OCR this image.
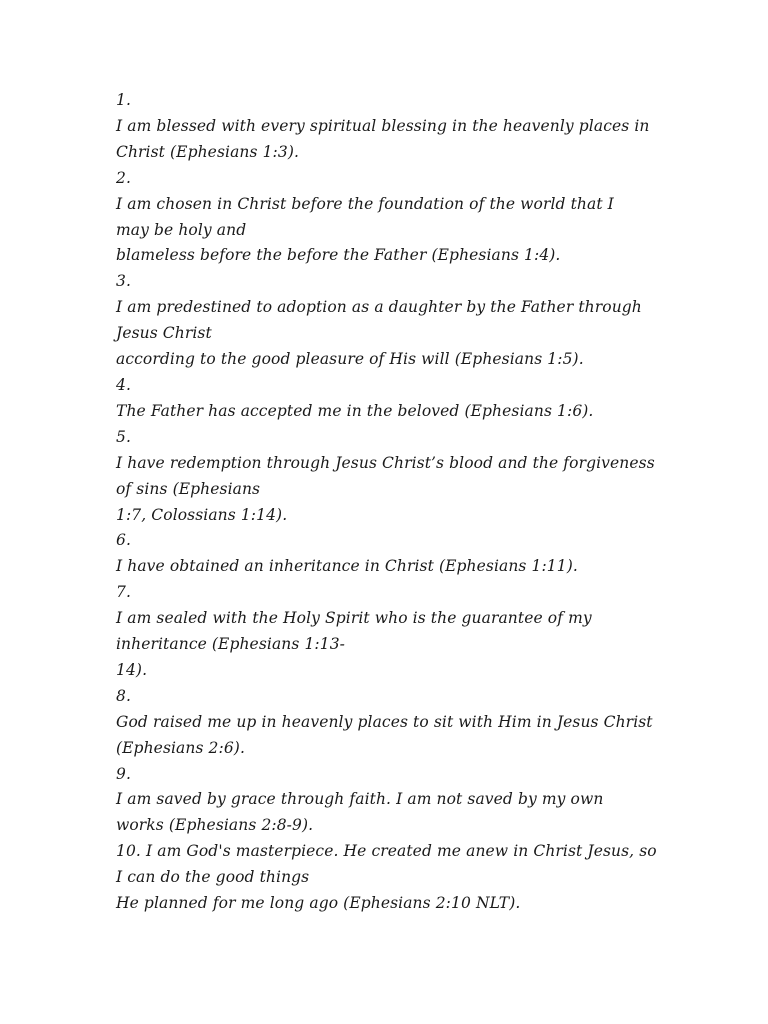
1.
I am blessed with every spiritual blessing in the heavenly places in
Christ (Ephesians 1:3).
2.
I am chosen in Christ before the foundation of the world that I
may be holy and
blameless before the before the Father (Ephesians 1:4).
3.
I am predestined to adoption as a daughter by the Father through
Jesus Christ
according to the good pleasure of His will (Ephesians 1:5).
4.
The Father has accepted me in the beloved (Ephesians 1:6).
5.
I have redemption through Jesus Christ’s blood and the forgiveness
of sins (Ephesians
1:7, Colossians 1:14).
6.
I have obtained an inheritance in Christ (Ephesians 1:11).
7.
I am sealed with the Holy Spirit who is the guarantee of my
inheritance (Ephesians 1:13-
14).
8.
God raised me up in heavenly places to sit with Him in Jesus Christ
(Ephesians 2:6).
9.
I am saved by grace through faith. I am not saved by my own
works (Ephesians 2:8-9).
10. I am God's masterpiece. He created me anew in Christ Jesus, so
I can do the good things
He planned for me long ago (Ephesians 2:10 NLT).
